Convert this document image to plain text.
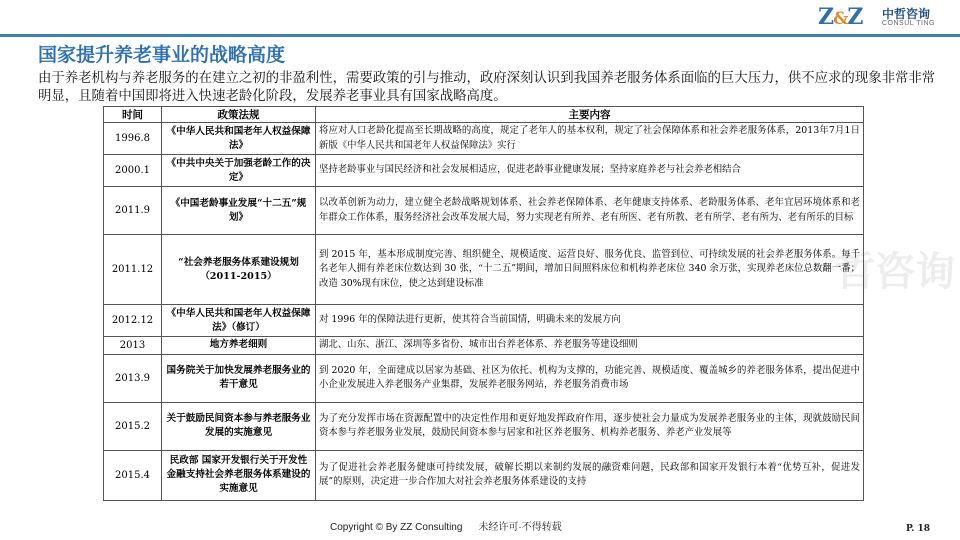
Z&Z 中哲咨询
CONSUL TING
国家提升养老事业的战略高度
由于养老机构与养老服务的在建立之初的非盈利性，需要政策的引与推动，政府深刻认识到我国养老服务体系面临的巨大压力，供不应求的现象非常非常明显，且随着中国即将进入快速老龄化阶段，发展养老事业具有国家战略高度。
哲咨询
时间	政策法规	主要内容
1996.8	《中华人民共和国老年人权益保障法》	将应对人口老龄化提高至长期战略的高度，规定了老年人的基本权利，规定了社会保障体系和社会养老服务体系，2013年7月1日新版《中华人民共和国老年人权益保障法》实行
2000.1	《中共中央关于加强老龄工作的决定》	坚持老龄事业与国民经济和社会发展相适应，促进老龄事业健康发展；坚持家庭养老与社会养老相结合
2011.9	《中国老龄事业发展“十二五”规划》	以改革创新为动力，建立健全老龄战略规划体系、社会养老保障体系、老年健康支持体系、老龄服务体系、老年宜居环境体系和老年群众工作体系，服务经济社会改革发展大局，努力实现老有所养、老有所医、老有所教、老有所学、老有所为、老有所乐的目标
2011.12	“社会养老服务体系建设规划（2011-2015）	到 2015 年，基本形成制度完善、组织健全、规模适度、运营良好、服务优良、监管到位、可持续发展的社会养老服务体系。每千名老年人拥有养老床位数达到 30 张，“十二五”期间，增加日间照料床位和机构养老床位 340 余万张，实现养老床位总数翻一番；改造 30%现有床位，使之达到建设标准
2012.12	《中华人民共和国老年人权益保障法》（修订）	对 1996 年的保障法进行更新，使其符合当前国情，明确未来的发展方向
2013	地方养老细则	湖北、山东、浙江、深圳等多省份、城市出台养老体系、养老服务等建设细则
2013.9	国务院关于加快发展养老服务业的若干意见	到 2020 年，全面建成以居家为基础、社区为依托、机构为支撑的，功能完善、规模适度、覆盖城乡的养老服务体系，提出促进中小企业发展进入养老服务产业集群，发展养老服务网站，养老服务消费市场
2015.2	关于鼓励民间资本参与养老服务业发展的实施意见	为了充分发挥市场在资源配置中的决定性作用和更好地发挥政府作用，逐步使社会力量成为发展养老服务业的主体，现就鼓励民间资本参与养老服务业发展，鼓励民间资本参与居家和社区养老服务、机构养老服务、养老产业发展等
2015.4	民政部 国家开发银行关于开发性金融支持社会养老服务体系建设的实施意见	为了促进社会养老服务健康可持续发展，破解长期以来制约发展的融资难问题，民政部和国家开发银行本着“优势互补，促进发展”的原则，决定进一步合作加大对社会养老服务体系建设的支持
Copyright © By ZZ Consulting 未经许可·不得转载	P. 18
